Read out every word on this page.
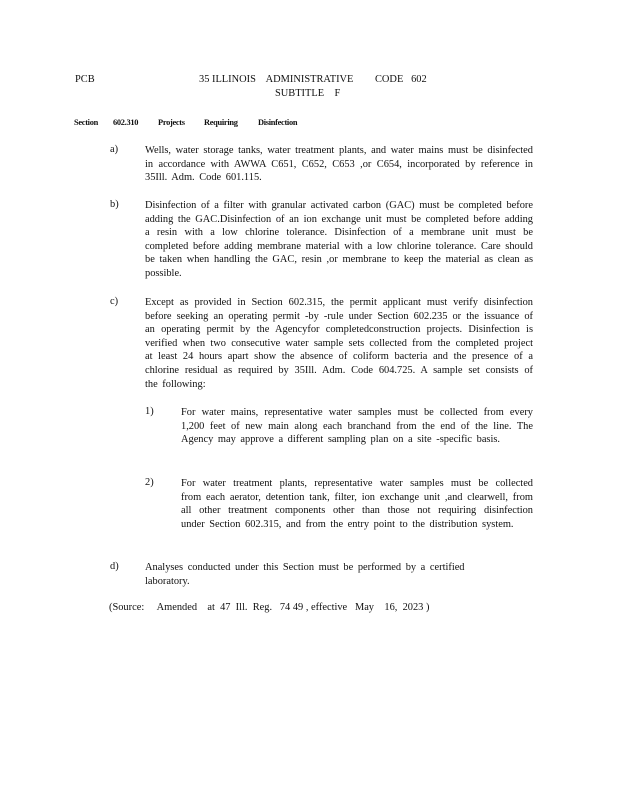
PCB	35 ILLINOIS    ADMINISTRATIVE CODE   602
SUBTITLE    F
Section 602.310 Projects Requiring Disinfection
a)	Wells, water storage tanks, water treatment plants, and water mains must be disinfected in accordance with AWWA C651, C652, C653 ,or C654, incorporated by reference in 35Ill. Adm. Code 601.115.
b)	Disinfection of a filter with granular activated carbon (GAC) must be completed before adding the GAC.Disinfection of an ion exchange unit must be completed before adding a resin with a low chlorine tolerance. Disinfection of a membrane unit must be completed before adding membrane material with a low chlorine tolerance. Care should be taken when handling the GAC, resin ,or membrane to keep the material as clean as possible.
c)	Except as provided in Section 602.315, the permit applicant must verify disinfection before seeking an operating permit -by -rule under Section 602.235 or the issuance of an operating permit by the Agencyfor completedconstruction projects. Disinfection is verified when two consecutive water sample sets collected from the completed project at least 24 hours apart show the absence of coliform bacteria and the presence of a chlorine residual as required by 35Ill. Adm. Code 604.725. A sample set consists of the following:
1)	For water mains, representative water samples must be collected from every 1,200 feet of new main along each branchand from the end of the line. The Agency may approve a different sampling plan on a site -specific basis.
2)	For water treatment plants, representative water samples must be collected from each aerator, detention tank, filter, ion exchange unit ,and clearwell, from all other treatment components other than those not requiring disinfection under Section 602.315, and from the entry point to the distribution system.
d)	Analyses conducted under this Section must be performed by a certified laboratory.
(Source:     Amended    at  47  Ill.  Reg.   74 49 , effective   May    16,  2023 )
